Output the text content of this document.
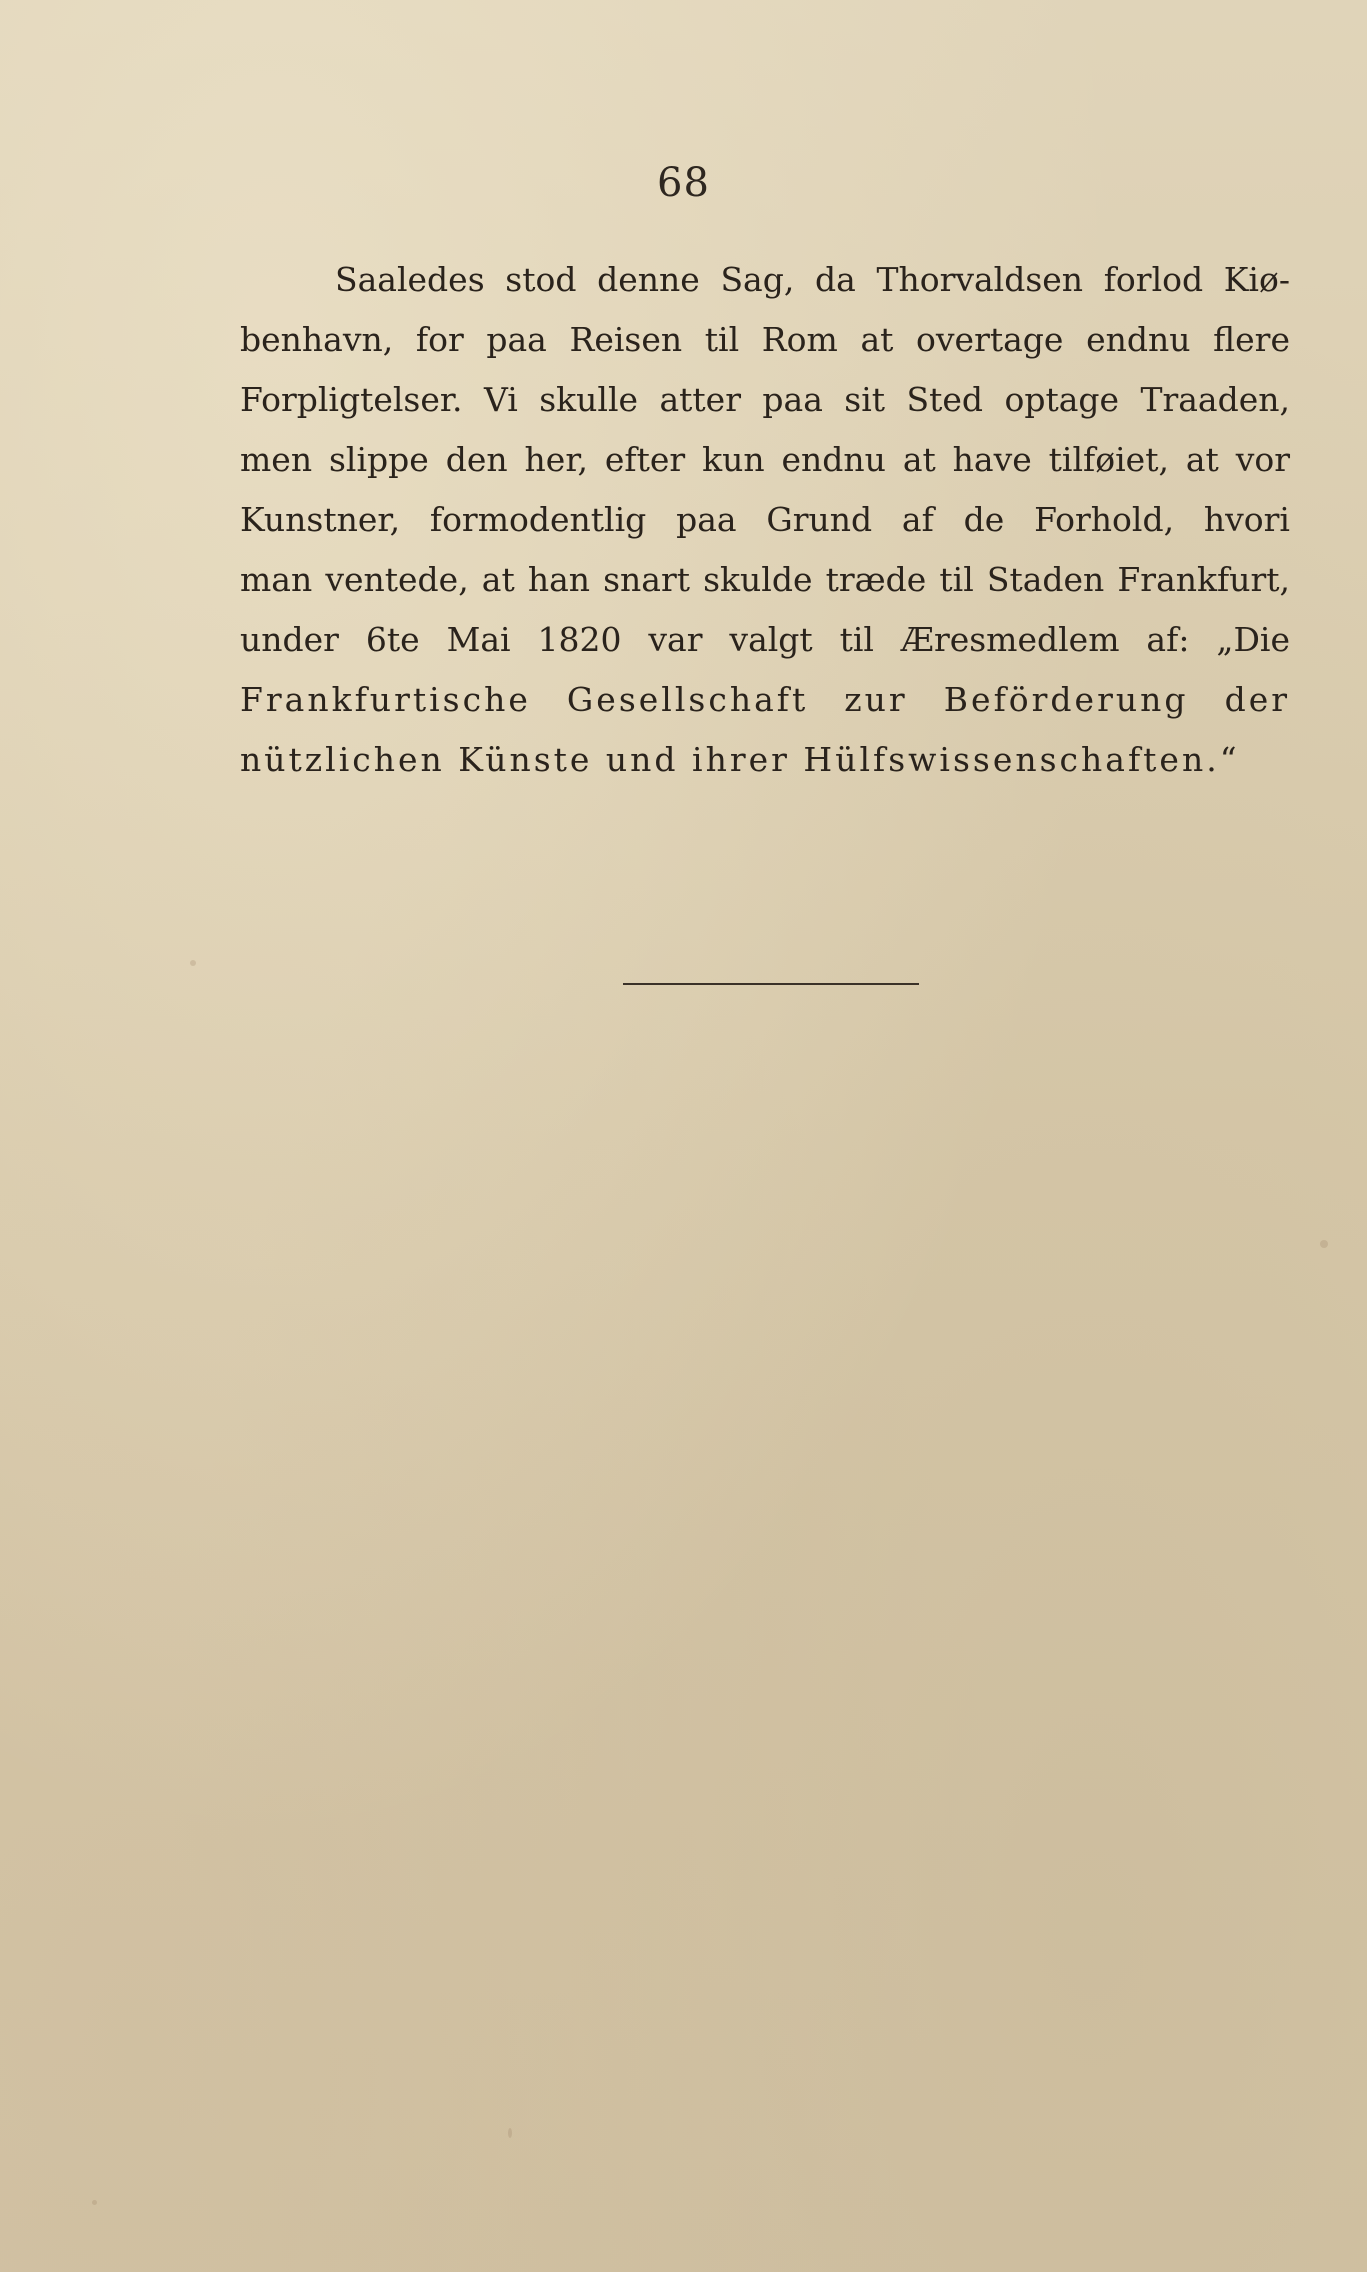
68
Saaledes stod denne Sag, da Thorvaldsen forlod Kiø-
benhavn, for paa Reisen til Rom at overtage endnu flere
Forpligtelser. Vi skulle atter paa sit Sted optage Traaden,
men slippe den her, efter kun endnu at have tilføiet, at vor
Kunstner, formodentlig paa Grund af de Forhold, hvori
man ventede, at han snart skulde træde til Staden Frankfurt,
under 6te Mai 1820 var valgt til Æresmedlem af: „Die
Frankfurtische Gesellschaft zur Beförderung der
nützlichen Künste und ihrer Hülfswissenschaften.“
